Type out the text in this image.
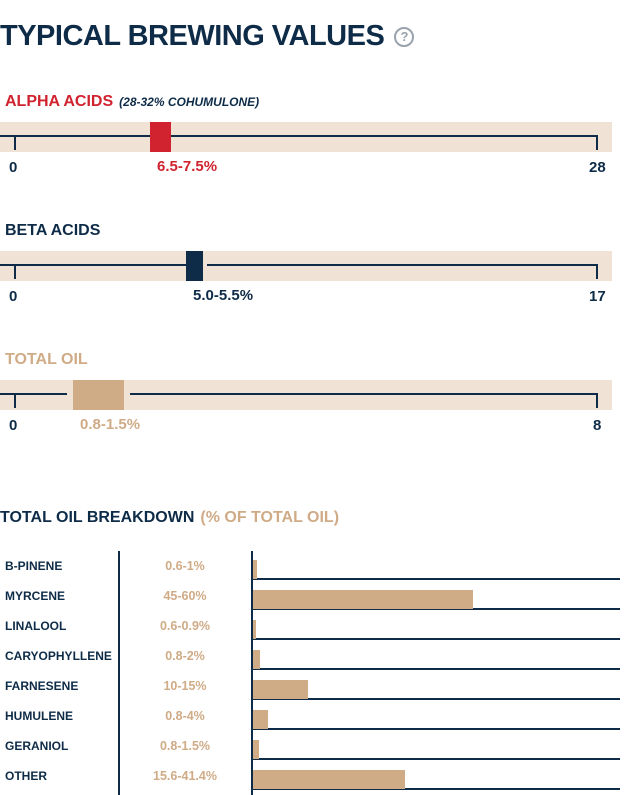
TYPICAL BREWING VALUES	?
ALPHA ACIDS (28-32% COHUMULONE)
0	6.5-7.5%	28
BETA ACIDS
0	5.0-5.5%	17
TOTAL OIL
0	0.8-1.5%	8
TOTAL OIL BREAKDOWN (% OF TOTAL OIL)
B-PINENE	0.6-1%
MYRCENE	45-60%
LINALOOL	0.6-0.9%
CARYOPHYLLENE	0.8-2%
FARNESENE	10-15%
HUMULENE	0.8-4%
GERANIOL	0.8-1.5%
OTHER	15.6-41.4%
